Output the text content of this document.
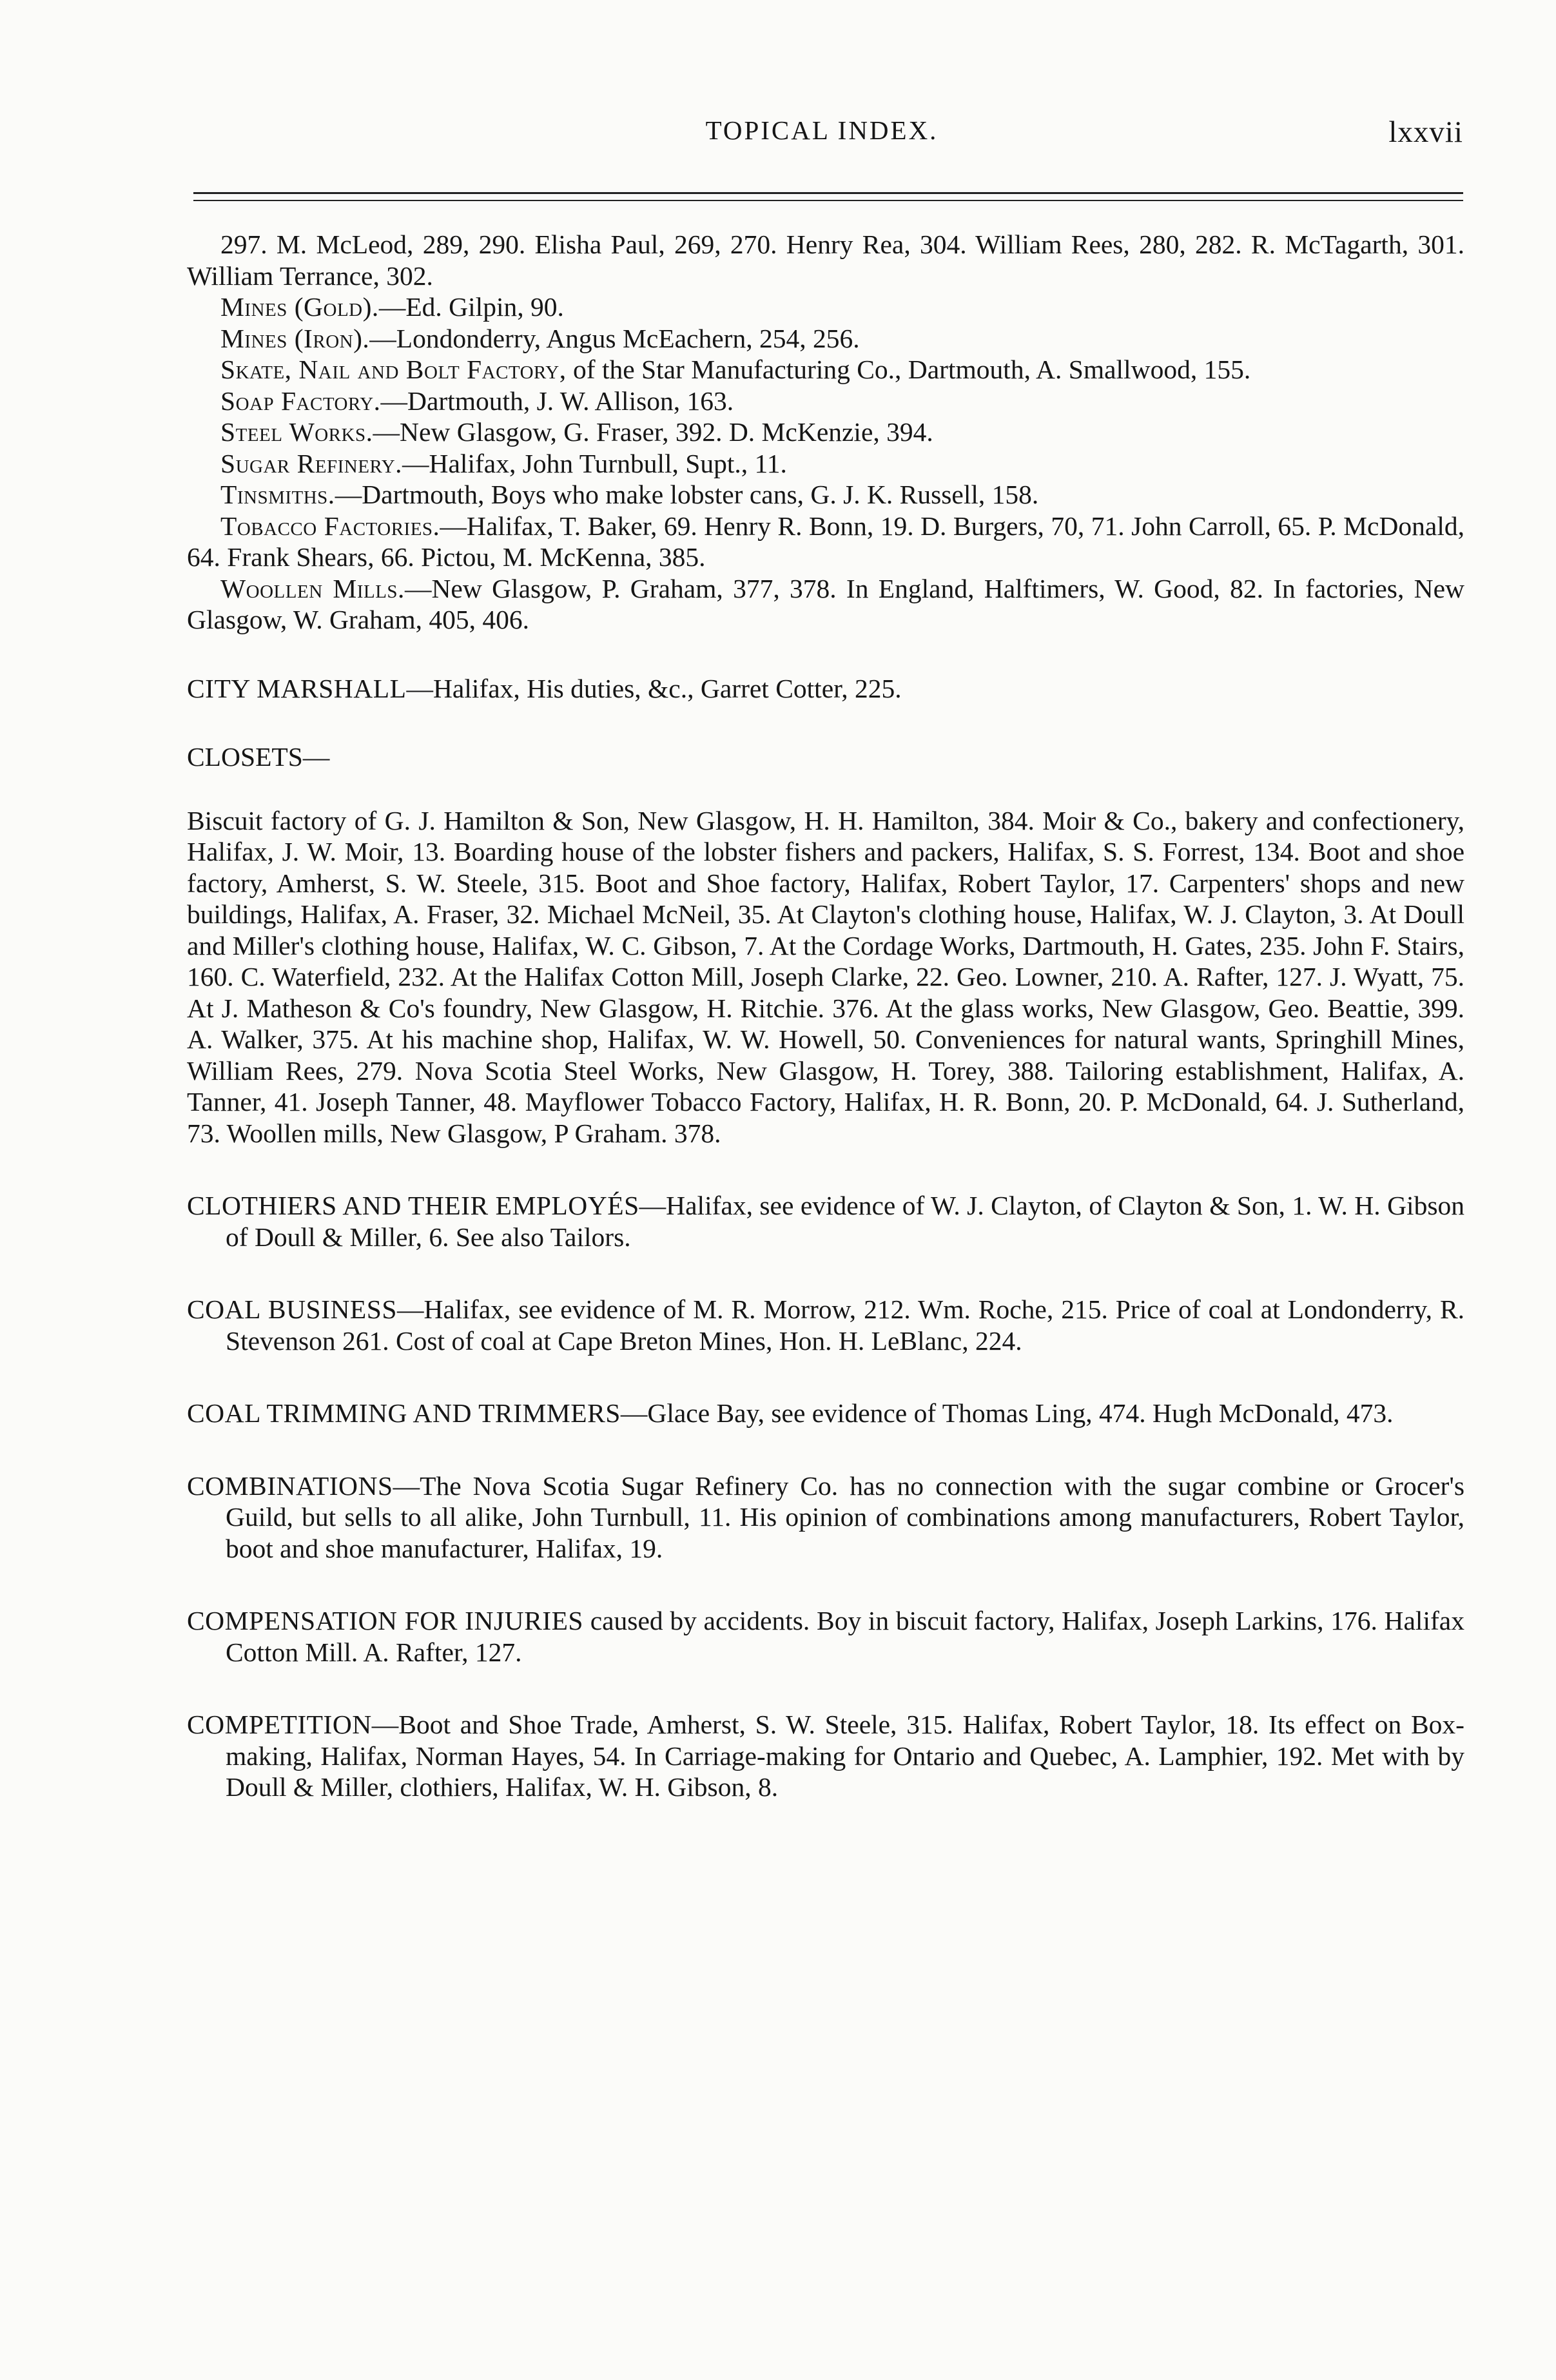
TOPICAL INDEX.	lxxvii

297. M. McLeod, 289, 290. Elisha Paul, 269, 270. Henry Rea, 304. William Rees, 280, 282. R. McTagarth, 301. William Terrance, 302.

Mines (Gold).—Ed. Gilpin, 90.

Mines (Iron).—Londonderry, Angus McEachern, 254, 256.

Skate, Nail and Bolt Factory, of the Star Manufacturing Co., Dartmouth, A. Smallwood, 155.

Soap Factory.—Dartmouth, J. W. Allison, 163.

Steel Works.—New Glasgow, G. Fraser, 392. D. McKenzie, 394.

Sugar Refinery.—Halifax, John Turnbull, Supt., 11.

Tinsmiths.—Dartmouth, Boys who make lobster cans, G. J. K. Russell, 158.

Tobacco Factories.—Halifax, T. Baker, 69. Henry R. Bonn, 19. D. Burgers, 70, 71. John Carroll, 65. P. McDonald, 64. Frank Shears, 66. Pictou, M. McKenna, 385.

Woollen Mills.—New Glasgow, P. Graham, 377, 378. In England, Halftimers, W. Good, 82. In factories, New Glasgow, W. Graham, 405, 406.

CITY MARSHALL—Halifax, His duties, &c., Garret Cotter, 225.

CLOSETS—

Biscuit factory of G. J. Hamilton & Son, New Glasgow, H. H. Hamilton, 384. Moir & Co., bakery and confectionery, Halifax, J. W. Moir, 13. Boarding house of the lobster fishers and packers, Halifax, S. S. Forrest, 134. Boot and shoe factory, Amherst, S. W. Steele, 315. Boot and Shoe factory, Halifax, Robert Taylor, 17. Carpenters' shops and new buildings, Halifax, A. Fraser, 32. Michael McNeil, 35. At Clayton's clothing house, Halifax, W. J. Clayton, 3. At Doull and Miller's clothing house, Halifax, W. C. Gibson, 7. At the Cordage Works, Dartmouth, H. Gates, 235. John F. Stairs, 160. C. Waterfield, 232. At the Halifax Cotton Mill, Joseph Clarke, 22. Geo. Lowner, 210. A. Rafter, 127. J. Wyatt, 75. At J. Matheson & Co's foundry, New Glasgow, H. Ritchie. 376. At the glass works, New Glasgow, Geo. Beattie, 399. A. Walker, 375. At his machine shop, Halifax, W. W. Howell, 50. Conveniences for natural wants, Springhill Mines, William Rees, 279. Nova Scotia Steel Works, New Glasgow, H. Torey, 388. Tailoring establishment, Halifax, A. Tanner, 41. Joseph Tanner, 48. Mayflower Tobacco Factory, Halifax, H. R. Bonn, 20. P. McDonald, 64. J. Sutherland, 73. Woollen mills, New Glasgow, P Graham. 378.

CLOTHIERS AND THEIR EMPLOYÉS—Halifax, see evidence of W. J. Clayton, of Clayton & Son, 1. W. H. Gibson of Doull & Miller, 6. See also Tailors.

COAL BUSINESS—Halifax, see evidence of M. R. Morrow, 212. Wm. Roche, 215. Price of coal at Londonderry, R. Stevenson 261. Cost of coal at Cape Breton Mines, Hon. H. LeBlanc, 224.

COAL TRIMMING AND TRIMMERS—Glace Bay, see evidence of Thomas Ling, 474. Hugh McDonald, 473.

COMBINATIONS—The Nova Scotia Sugar Refinery Co. has no connection with the sugar combine or Grocer's Guild, but sells to all alike, John Turnbull, 11. His opinion of combinations among manufacturers, Robert Taylor, boot and shoe manufacturer, Halifax, 19.

COMPENSATION FOR INJURIES caused by accidents. Boy in biscuit factory, Halifax, Joseph Larkins, 176. Halifax Cotton Mill. A. Rafter, 127.

COMPETITION—Boot and Shoe Trade, Amherst, S. W. Steele, 315. Halifax, Robert Taylor, 18. Its effect on Box-making, Halifax, Norman Hayes, 54. In Carriage-making for Ontario and Quebec, A. Lamphier, 192. Met with by Doull & Miller, clothiers, Halifax, W. H. Gibson, 8.
